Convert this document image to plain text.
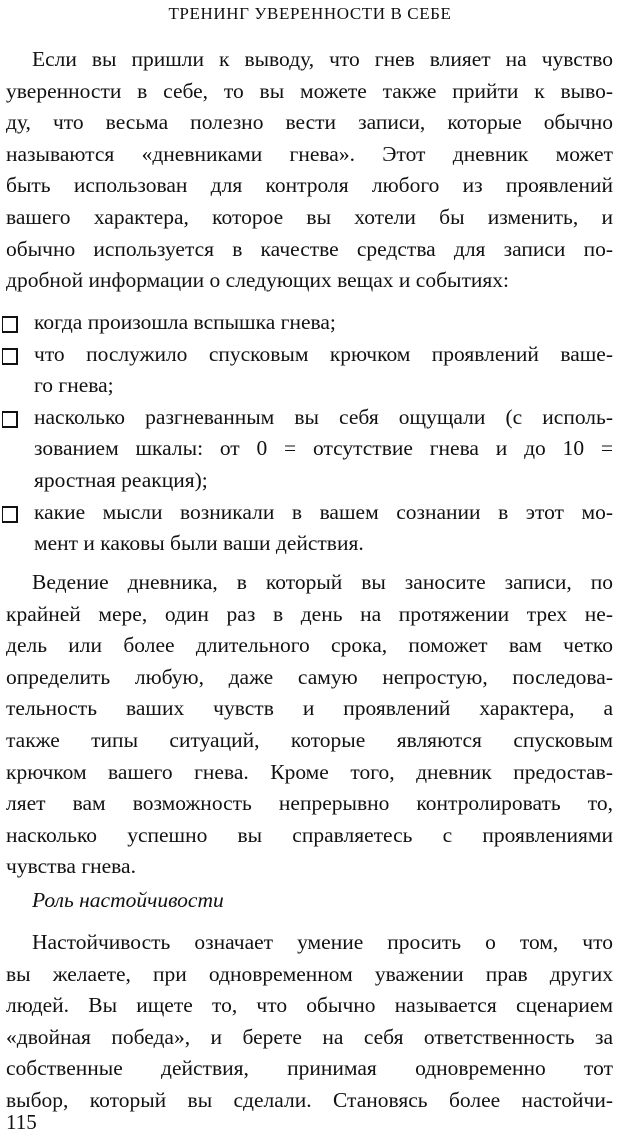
ТРЕНИНГ УВЕРЕННОСТИ В СЕБЕ
Если вы пришли к выводу, что гнев влияет на чувство
уверенности в себе, то вы можете также прийти к выво-
ду, что весьма полезно вести записи, которые обычно
называются «дневниками гнева». Этот дневник может
быть использован для контроля любого из проявлений
вашего характера, которое вы хотели бы изменить, и
обычно используется в качестве средства для записи по-
дробной информации о следующих вещах и событиях:
когда произошла вспышка гнева;
что послужило спусковым крючком проявлений ваше-
го гнева;
насколько разгневанным вы себя ощущали (с исполь-
зованием шкалы: от 0 = отсутствие гнева и до 10 =
яростная реакция);
какие мысли возникали в вашем сознании в этот мо-
мент и каковы были ваши действия.
Ведение дневника, в который вы заносите записи, по
крайней мере, один раз в день на протяжении трех не-
дель или более длительного срока, поможет вам четко
определить любую, даже самую непростую, последова-
тельность ваших чувств и проявлений характера, а
также типы ситуаций, которые являются спусковым
крючком вашего гнева. Кроме того, дневник предостав-
ляет вам возможность непрерывно контролировать то,
насколько успешно вы справляетесь с проявлениями
чувства гнева.
Роль настойчивости
Настойчивость означает умение просить о том, что
вы желаете, при одновременном уважении прав других
людей. Вы ищете то, что обычно называется сценарием
«двойная победа», и берете на себя ответственность за
собственные действия, принимая одновременно тот
выбор, который вы сделали. Становясь более настойчи-
115
